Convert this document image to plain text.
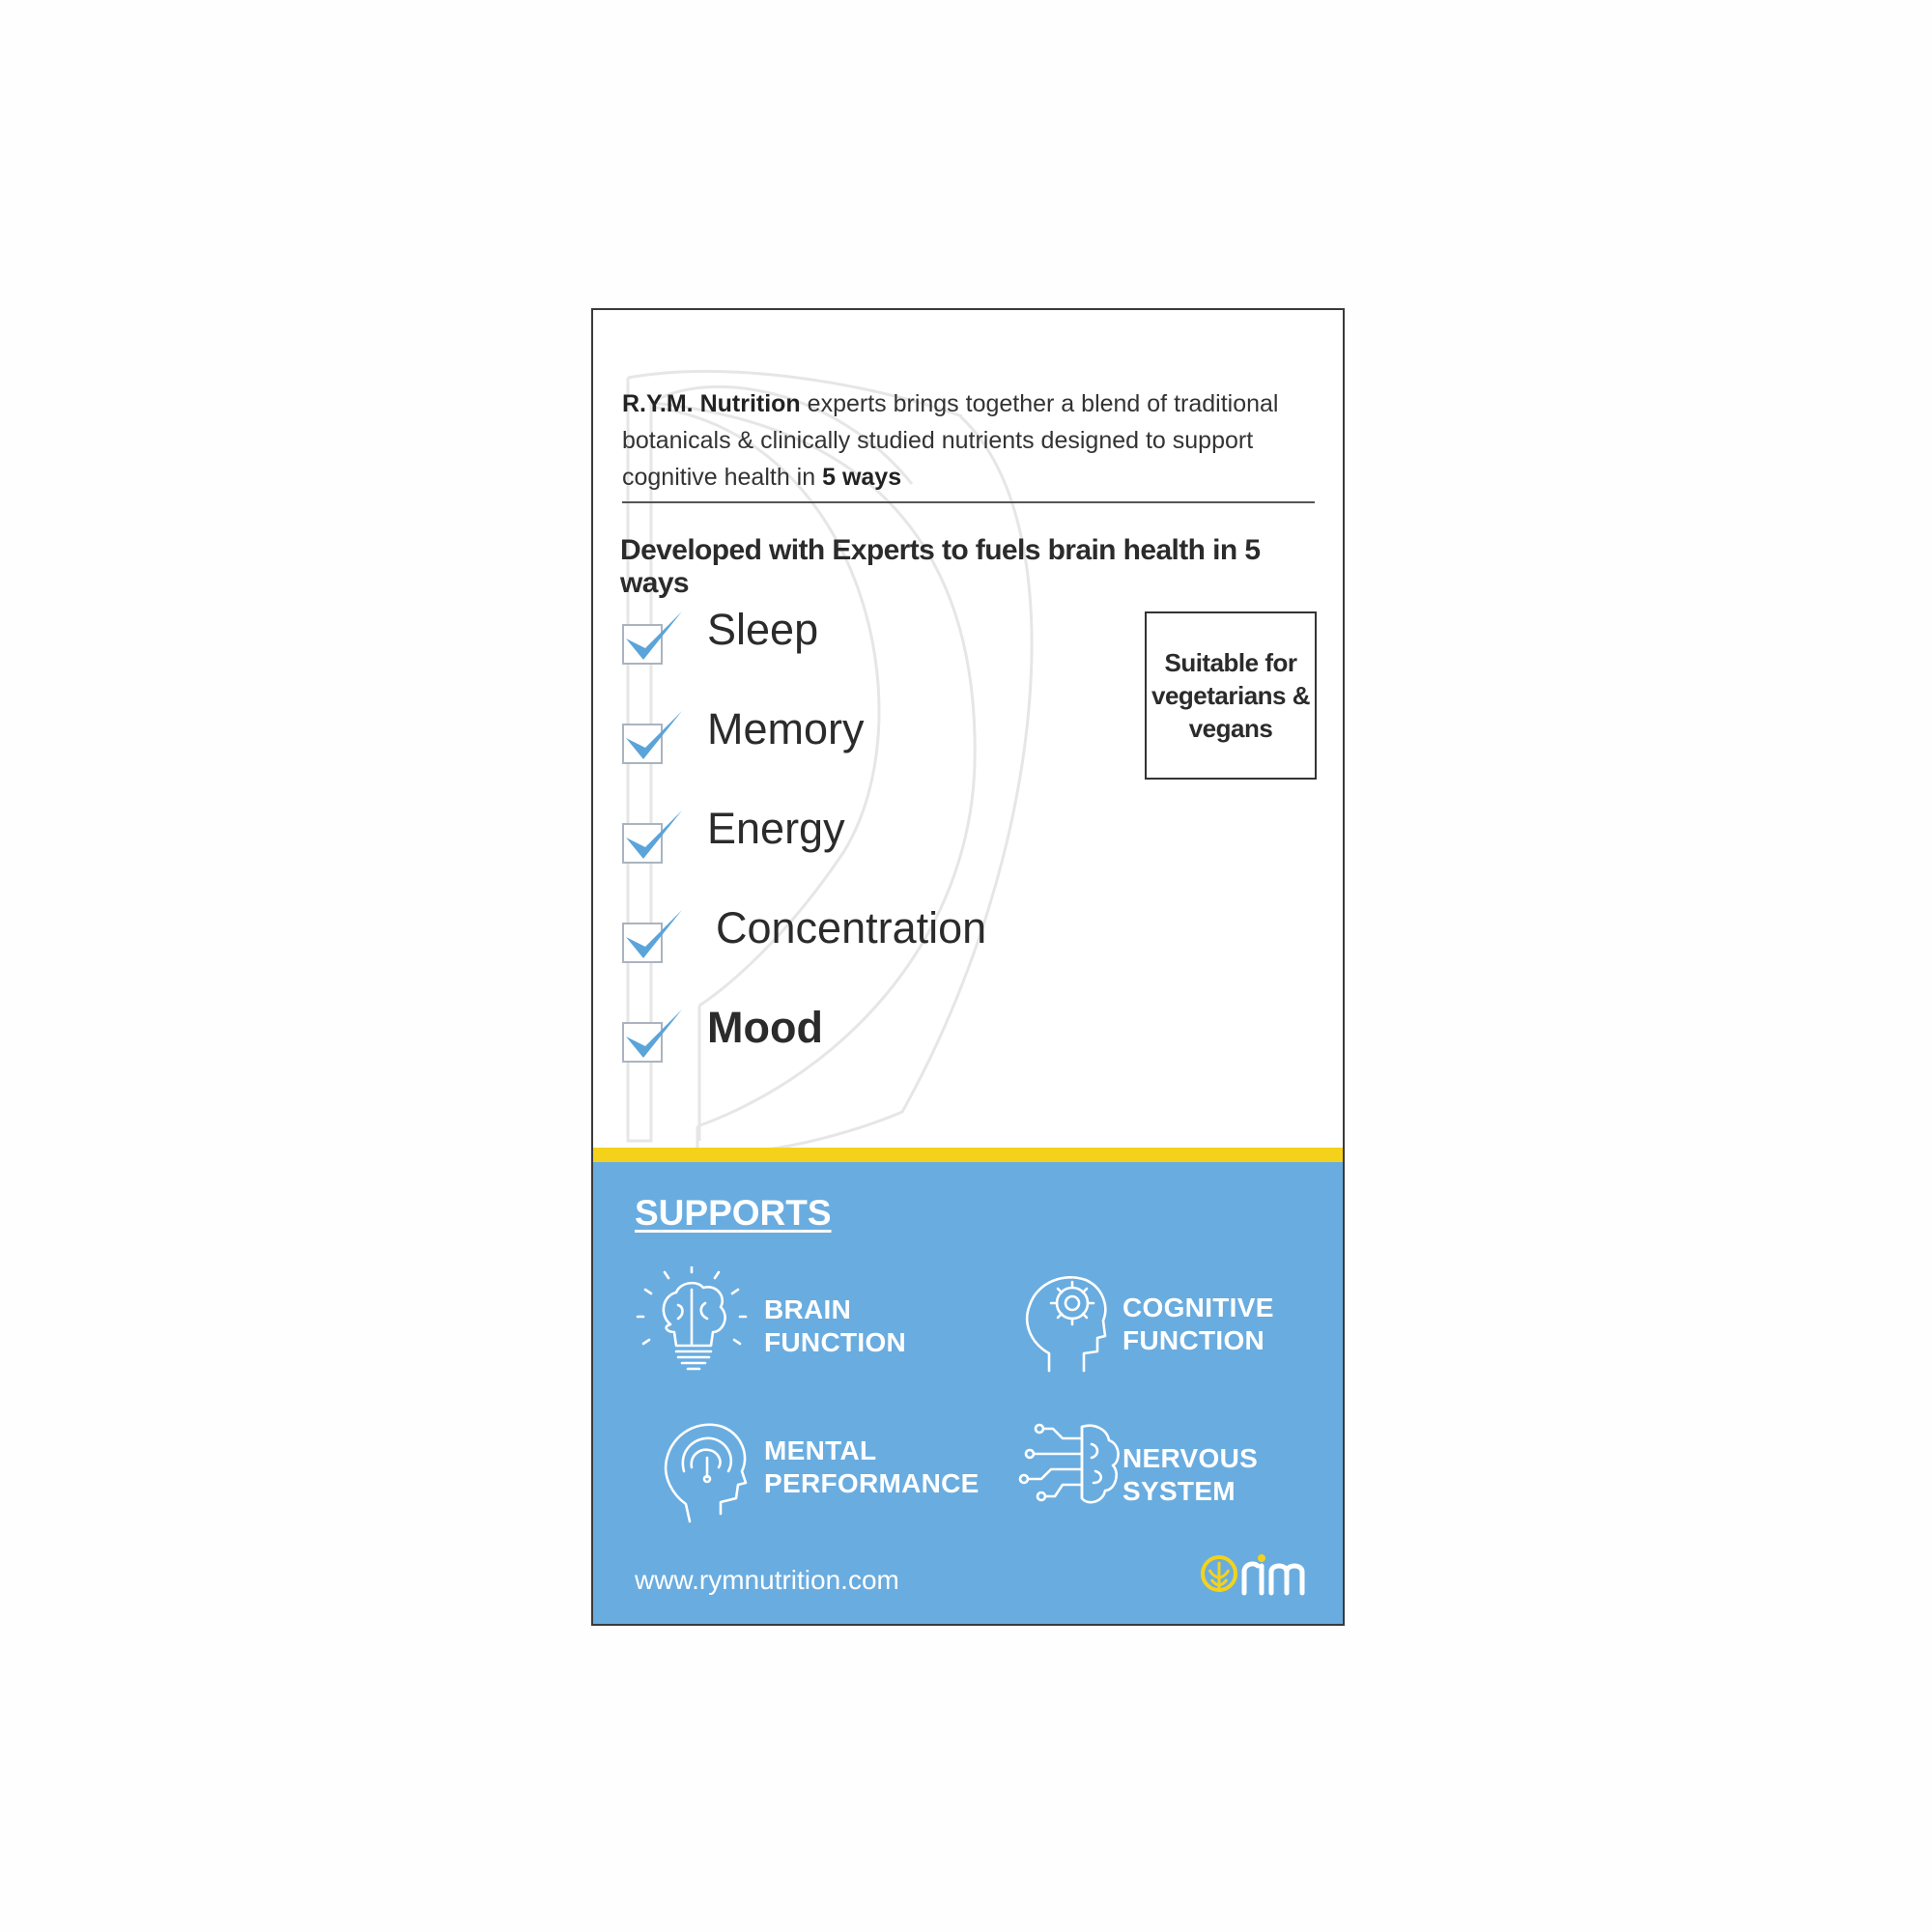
R.Y.M. Nutrition experts brings together a blend of traditional botanicals & clinically studied nutrients designed to support cognitive health in 5 ways

Developed with Experts to fuels brain health in 5 ways
Sleep
Memory
Energy
Concentration
Mood
Suitable for vegetarians & vegans
SUPPORTS
BRAIN
FUNCTION
COGNITIVE
FUNCTION
MENTAL
PERFORMANCE
NERVOUS
SYSTEM
www.rymnutrition.com
